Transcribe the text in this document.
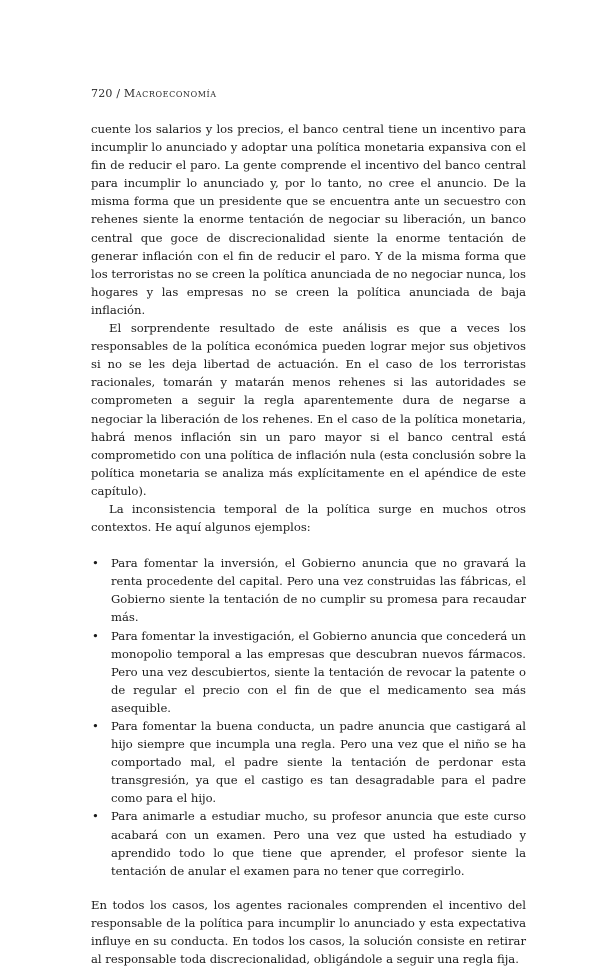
720 / Macroeconomía

cuente los salarios y los precios, el banco central tiene un incentivo para incumplir lo anunciado y adoptar una política monetaria expansiva con el fin de reducir el paro. La gente comprende el incentivo del banco central para incumplir lo anunciado y, por lo tanto, no cree el anuncio. De la misma forma que un presidente que se encuentra ante un secuestro con rehenes siente la enorme tentación de negociar su liberación, un banco central que goce de discrecionalidad siente la enorme tentación de generar inflación con el fin de reducir el paro. Y de la misma forma que los terroristas no se creen la política anunciada de no negociar nunca, los hogares y las empresas no se creen la política anunciada de baja inflación.

El sorprendente resultado de este análisis es que a veces los responsables de la política económica pueden lograr mejor sus objetivos si no se les deja libertad de actuación. En el caso de los terroristas racionales, tomarán y matarán menos rehenes si las autoridades se comprometen a seguir la regla aparentemente dura de negarse a negociar la liberación de los rehenes. En el caso de la política monetaria, habrá menos inflación sin un paro mayor si el banco central está comprometido con una política de inflación nula (esta conclusión sobre la política monetaria se analiza más explícitamente en el apéndice de este capítulo).

La inconsistencia temporal de la política surge en muchos otros contextos. He aquí algunos ejemplos:

• Para fomentar la inversión, el Gobierno anuncia que no gravará la renta procedente del capital. Pero una vez construidas las fábricas, el Gobierno siente la tentación de no cumplir su promesa para recaudar más.
• Para fomentar la investigación, el Gobierno anuncia que concederá un monopolio temporal a las empresas que descubran nuevos fármacos. Pero una vez descubiertos, siente la tentación de revocar la patente o de regular el precio con el fin de que el medicamento sea más asequible.
• Para fomentar la buena conducta, un padre anuncia que castigará al hijo siempre que incumpla una regla. Pero una vez que el niño se ha comportado mal, el padre siente la tentación de perdonar esta transgresión, ya que el castigo es tan desagradable para el padre como para el hijo.
• Para animarle a estudiar mucho, su profesor anuncia que este curso acabará con un examen. Pero una vez que usted ha estudiado y aprendido todo lo que tiene que aprender, el profesor siente la tentación de anular el examen para no tener que corregirlo.

En todos los casos, los agentes racionales comprenden el incentivo del responsable de la política para incumplir lo anunciado y esta expectativa influye en su conducta. En todos los casos, la solución consiste en retirar al responsable toda discrecionalidad, obligándole a seguir una regla fija.
